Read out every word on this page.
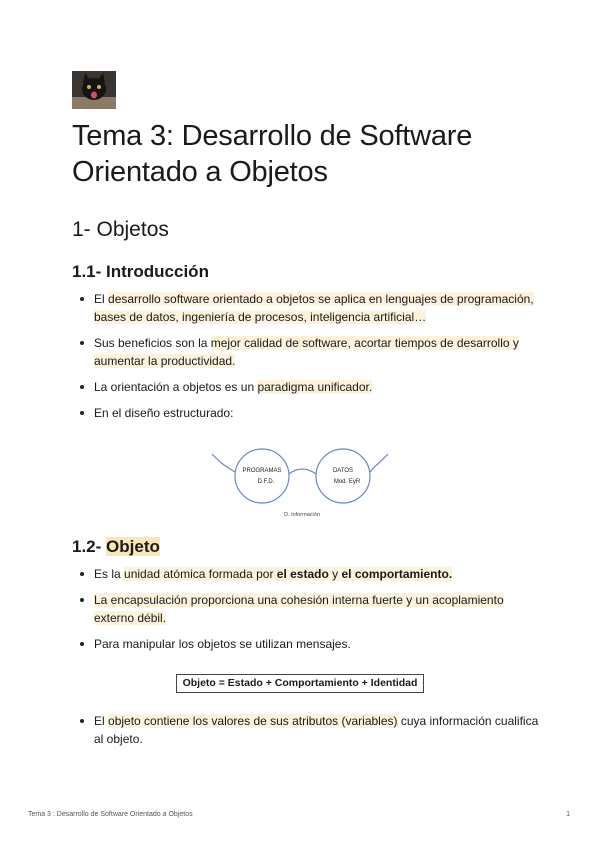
Tema 3: Desarrollo de Software Orientado a Objetos
1- Objetos
1.1- Introducción
El desarrollo software orientado a objetos se aplica en lenguajes de programación, bases de datos, ingeniería de procesos, inteligencia artificial…
Sus beneficios son la mejor calidad de software, acortar tiempos de desarrollo y aumentar la productividad.
La orientación a objetos es un paradigma unificador.
En el diseño estructurado:
PROGRAMAS
D.F.D.
DATOS
Mod. EyR
D. Información
1.2- Objeto
Es la unidad atómica formada por el estado y el comportamiento.
La encapsulación proporciona una cohesión interna fuerte y un acoplamiento externo débil.
Para manipular los objetos se utilizan mensajes.
Objeto = Estado + Comportamiento + Identidad
El objeto contiene los valores de sus atributos (variables) cuya información cualifica al objeto.
Tema 3 : Desarrollo de Software Orientado a Objetos	1
